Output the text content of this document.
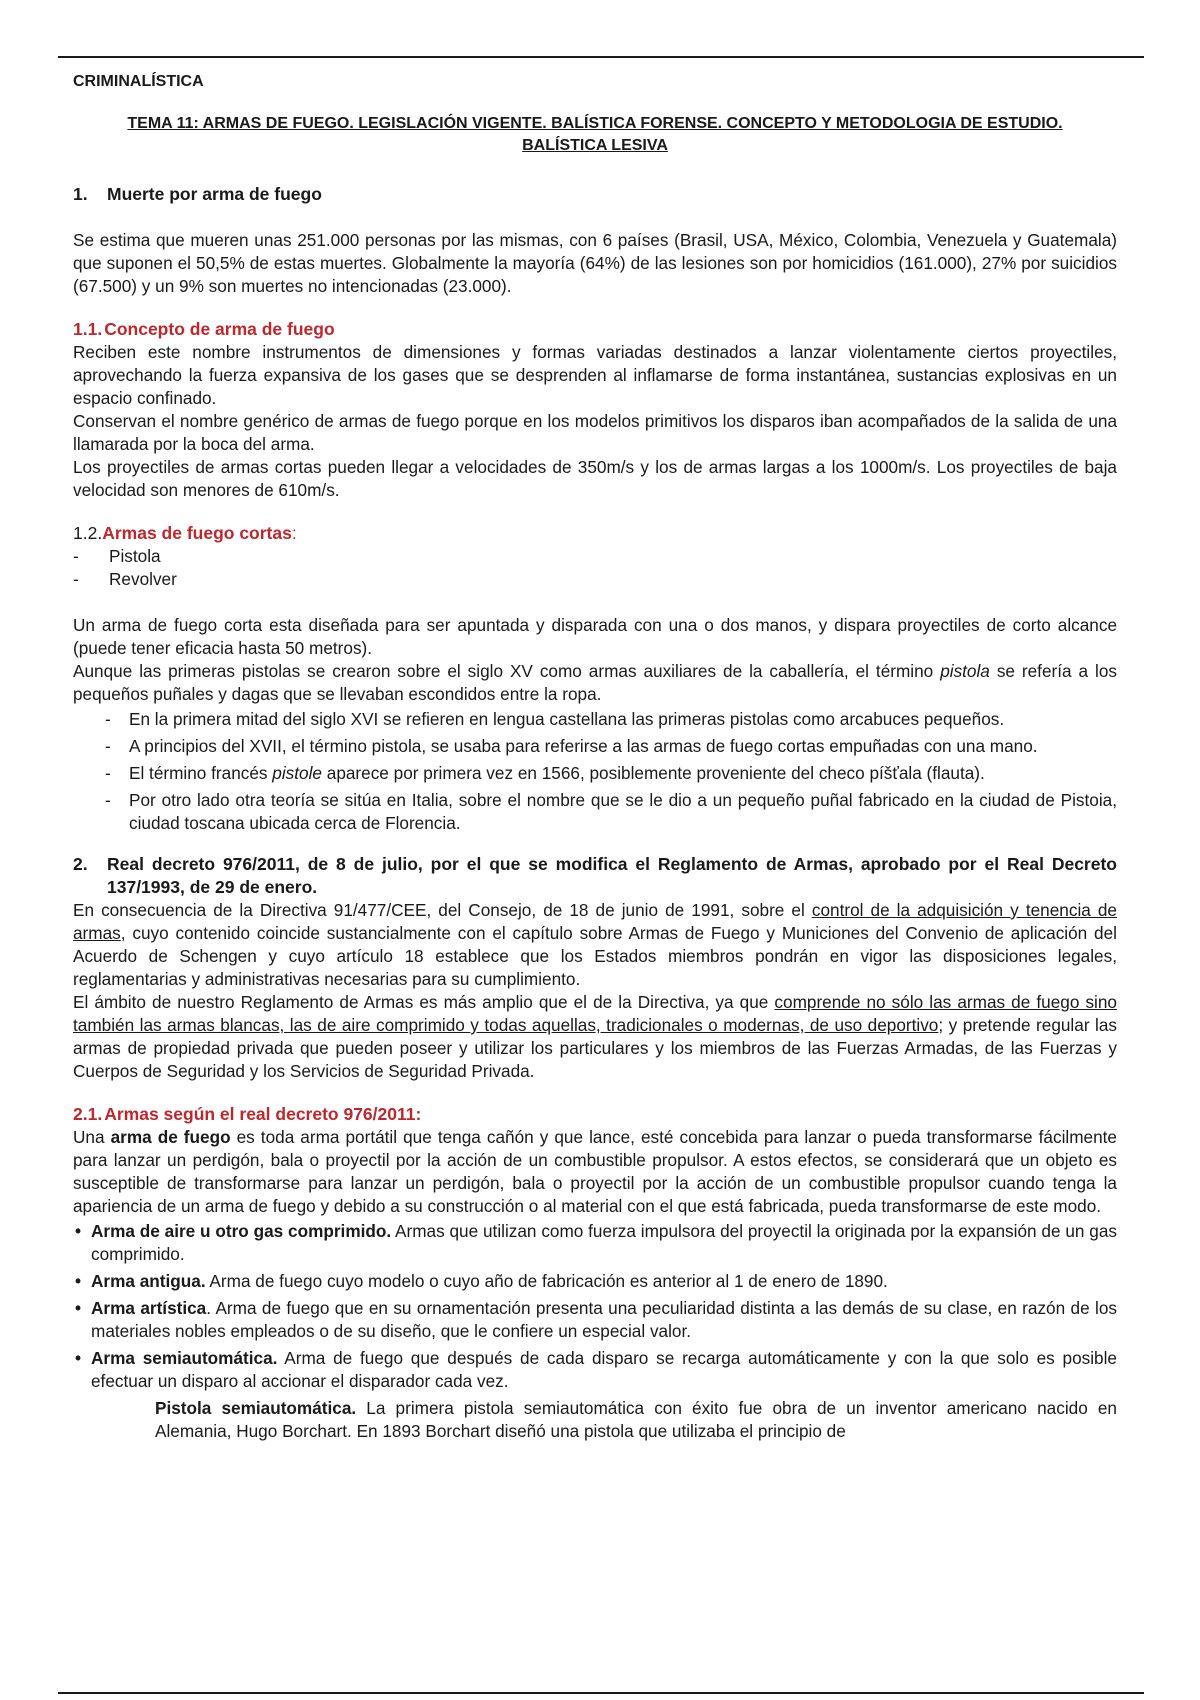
CRIMINALÍSTICA
TEMA 11: ARMAS DE FUEGO. LEGISLACIÓN VIGENTE. BALÍSTICA FORENSE. CONCEPTO Y METODOLOGIA DE ESTUDIO. BALÍSTICA LESIVA
1. Muerte por arma de fuego

Se estima que mueren unas 251.000 personas por las mismas, con 6 países (Brasil, USA, México, Colombia, Venezuela y Guatemala) que suponen el 50,5% de estas muertes. Globalmente la mayoría (64%) de las lesiones son por homicidios (161.000), 27% por suicidios (67.500) y un 9% son muertes no intencionadas (23.000).

1.1. Concepto de arma de fuego

Reciben este nombre instrumentos de dimensiones y formas variadas destinados a lanzar violentamente ciertos proyectiles, aprovechando la fuerza expansiva de los gases que se desprenden al inflamarse de forma instantánea, sustancias explosivas en un espacio confinado.

Conservan el nombre genérico de armas de fuego porque en los modelos primitivos los disparos iban acompañados de la salida de una llamarada por la boca del arma.

Los proyectiles de armas cortas pueden llegar a velocidades de 350m/s y los de armas largas a los 1000m/s. Los proyectiles de baja velocidad son menores de 610m/s.

1.2.Armas de fuego cortas:
- Pistola
- Revolver

Un arma de fuego corta esta diseñada para ser apuntada y disparada con una o dos manos, y dispara proyectiles de corto alcance (puede tener eficacia hasta 50 metros).

Aunque las primeras pistolas se crearon sobre el siglo XV como armas auxiliares de la caballería, el término pistola se refería a los pequeños puñales y dagas que se llevaban escondidos entre la ropa.

- En la primera mitad del siglo XVI se refieren en lengua castellana las primeras pistolas como arcabuces pequeños.
- A principios del XVII, el término pistola, se usaba para referirse a las armas de fuego cortas empuñadas con una mano.
- El término francés pistole aparece por primera vez en 1566, posiblemente proveniente del checo píšťala (flauta).
- Por otro lado otra teoría se sitúa en Italia, sobre el nombre que se le dio a un pequeño puñal fabricado en la ciudad de Pistoia, ciudad toscana ubicada cerca de Florencia.
2.	Real decreto 976/2011, de 8 de julio, por el que se modifica el Reglamento de Armas, aprobado por el Real Decreto 137/1993, de 29 de enero.

En consecuencia de la Directiva 91/477/CEE, del Consejo, de 18 de junio de 1991, sobre el control de la adquisición y tenencia de armas, cuyo contenido coincide sustancialmente con el capítulo sobre Armas de Fuego y Municiones del Convenio de aplicación del Acuerdo de Schengen y cuyo artículo 18 establece que los Estados miembros pondrán en vigor las disposiciones legales, reglamentarias y administrativas necesarias para su cumplimiento.

El ámbito de nuestro Reglamento de Armas es más amplio que el de la Directiva, ya que comprende no sólo las armas de fuego sino también las armas blancas, las de aire comprimido y todas aquellas, tradicionales o modernas, de uso deportivo; y pretende regular las armas de propiedad privada que pueden poseer y utilizar los particulares y los miembros de las Fuerzas Armadas, de las Fuerzas y Cuerpos de Seguridad y los Servicios de Seguridad Privada.

2.1. Armas según el real decreto 976/2011:

Una arma de fuego es toda arma portátil que tenga cañón y que lance, esté concebida para lanzar o pueda transformarse fácilmente para lanzar un perdigón, bala o proyectil por la acción de un combustible propulsor. A estos efectos, se considerará que un objeto es susceptible de transformarse para lanzar un perdigón, bala o proyectil por la acción de un combustible propulsor cuando tenga la apariencia de un arma de fuego y debido a su construcción o al material con el que está fabricada, pueda transformarse de este modo.

• Arma de aire u otro gas comprimido. Armas que utilizan como fuerza impulsora del proyectil la originada por la expansión de un gas comprimido.
• Arma antigua. Arma de fuego cuyo modelo o cuyo año de fabricación es anterior al 1 de enero de 1890.
• Arma artística. Arma de fuego que en su ornamentación presenta una peculiaridad distinta a las demás de su clase, en razón de los materiales nobles empleados o de su diseño, que le confiere un especial valor.
• Arma semiautomática. Arma de fuego que después de cada disparo se recarga automáticamente y con la que solo es posible efectuar un disparo al accionar el disparador cada vez.
Pistola semiautomática. La primera pistola semiautomática con éxito fue obra de un inventor americano nacido en Alemania, Hugo Borchart. En 1893 Borchart diseñó una pistola que utilizaba el principio de
